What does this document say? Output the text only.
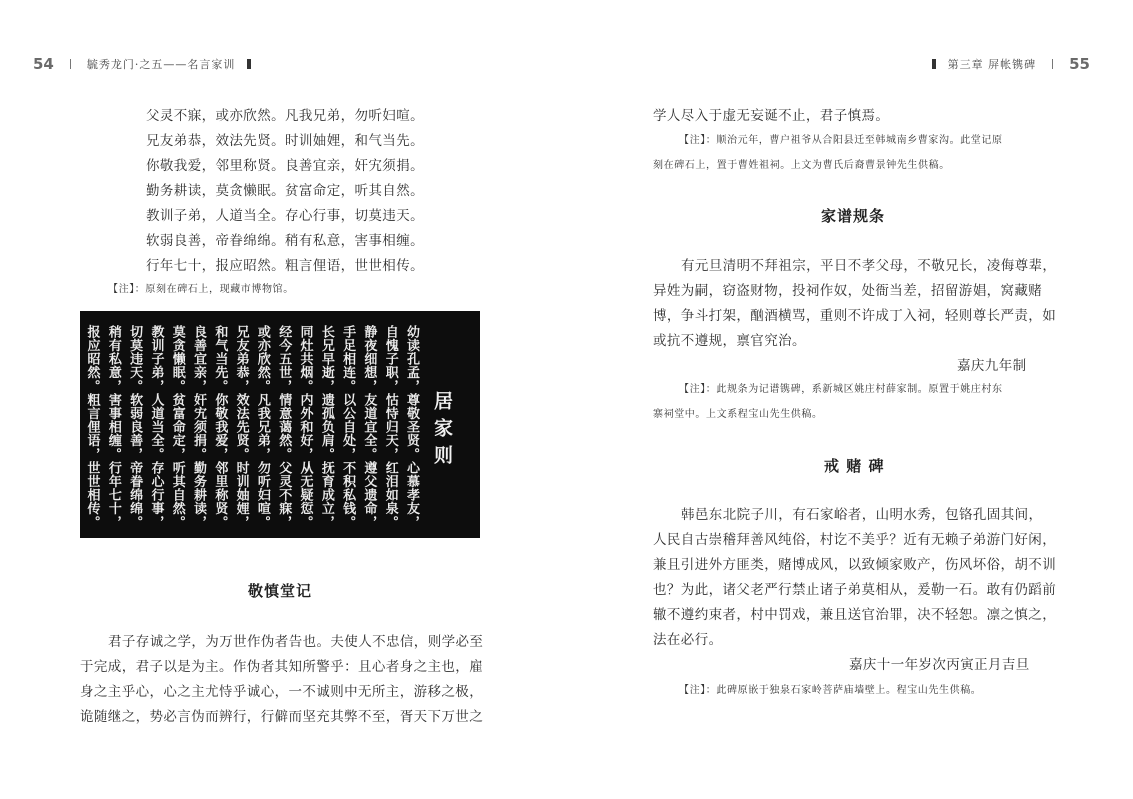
54	毓秀龙门·之五——名言家训
父灵不寐，或亦欣然。凡我兄弟，勿听妇喧。
兄友弟恭，效法先贤。时训妯娌，和气当先。
你敬我爱，邻里称贤。良善宜亲，奸宄须捐。
勤务耕读，莫贪懒眠。贫富命定，听其自然。
教训子弟，人道当全。存心行事，切莫违天。
软弱良善，帝眷绵绵。稍有私意，害事相缠。
行年七十，报应昭然。粗言俚语，世世相传。
【注】：原刻在碑石上，现藏市博物馆。
居家则
幼读孔孟，尊敬圣贤。心慕孝友，
自愧子职，怙恃归天，红泪如泉。
静夜细想，友道宜全。遵父遗命，
手足相连。以公自处，不积私钱。
长兄早逝，遗孤负肩。抚育成立，
同灶共烟。内外和好，从无疑愆。
经今五世，情意蔼然。父灵不寐，
或亦欣然。凡我兄弟，勿听妇喧。
兄友弟恭，效法先贤。时训妯娌，
和气当先。你敬我爱，邻里称贤。
良善宜亲，奸宄须捐。勤务耕读，
莫贪懒眠。贫富命定，听其自然。
教训子弟，人道当全。存心行事，
切莫违天。软弱良善，帝眷绵绵。
稍有私意，害事相缠。行年七十，
报应昭然。粗言俚语，世世相传。
敬慎堂记
君子存诚之学，为万世作伪者告也。夫使人不忠信，则学必至
于完成，君子以是为主。作伪者其知所警乎：且心者身之主也，雇
身之主乎心，心之主尤恃乎诚心，一不诚则中无所主，游移之极，
诡随继之，势必言伪而辨行，行僻而坚充其弊不至，胥天下万世之
第三章 屏帐镌碑 55
学人尽入于虚无妄诞不止，君子慎焉。
【注】：顺治元年，曹户祖爷从合阳县迁至韩城南乡曹家沟。此堂记原
刻在碑石上，置于曹姓祖祠。上文为曹氏后裔曹景钟先生供稿。
家谱规条
有元旦清明不拜祖宗，平日不孝父母，不敬兄长，凌侮尊辈，
异姓为嗣，窃盗财物，投祠作奴，处衙当差，招留游娼，窝藏赌
博，争斗打架，酗酒横骂，重则不许成丁入祠，轻则尊长严责，如
或抗不遵规，禀官究治。
嘉庆九年制
【注】：此规条为记谱镌碑，系新城区姚庄村薛家制。原置于姚庄村东
寨祠堂中。上文系程宝山先生供稿。
戒 赌 碑
韩邑东北院子川，有石家峪者，山明水秀，包铬孔固其间，
人民自古崇稽拜善风纯俗，村讫不美乎？近有无赖子弟游门好闲，
兼且引进外方匪类，赌博成风，以致倾家败产，伤风坏俗，胡不训
也？为此，诸父老严行禁止诸子弟莫相从，爰勒一石。敢有仍蹈前
辙不遵约束者，村中罚戏，兼且送官治罪，决不轻恕。凛之慎之，
法在必行。
嘉庆十一年岁次丙寅正月吉旦
【注】：此碑原嵌于独泉石家岭菩萨庙墙壁上。程宝山先生供稿。
